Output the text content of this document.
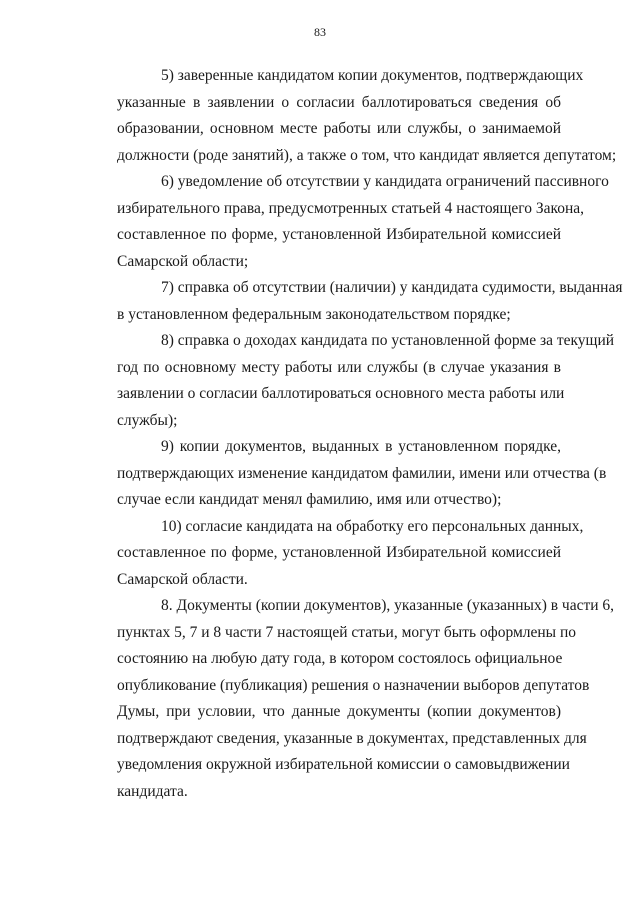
83
5) заверенные кандидатом копии документов, подтверждающих
указанные в заявлении о согласии баллотироваться сведения об
образовании, основном месте работы или службы, о занимаемой
должности (роде занятий), а также о том, что кандидат является депутатом;
6) уведомление об отсутствии у кандидата ограничений пассивного
избирательного права, предусмотренных статьей 4 настоящего Закона,
составленное по форме, установленной Избирательной комиссией
Самарской области;
7) справка об отсутствии (наличии) у кандидата судимости, выданная
в установленном федеральным законодательством порядке;
8) справка о доходах кандидата по установленной форме за текущий
год по основному месту работы или службы (в случае указания в
заявлении о согласии баллотироваться основного места работы или
службы);
9) копии документов, выданных в установленном порядке,
подтверждающих изменение кандидатом фамилии, имени или отчества (в
случае если кандидат менял фамилию, имя или отчество);
10) согласие кандидата на обработку его персональных данных,
составленное по форме, установленной Избирательной комиссией
Самарской области.
8. Документы (копии документов), указанные (указанных) в части 6,
пунктах 5, 7 и 8 части 7 настоящей статьи, могут быть оформлены по
состоянию на любую дату года, в котором состоялось официальное
опубликование (публикация) решения о назначении выборов депутатов
Думы, при условии, что данные документы (копии документов)
подтверждают сведения, указанные в документах, представленных для
уведомления окружной избирательной комиссии о самовыдвижении
кандидата.
